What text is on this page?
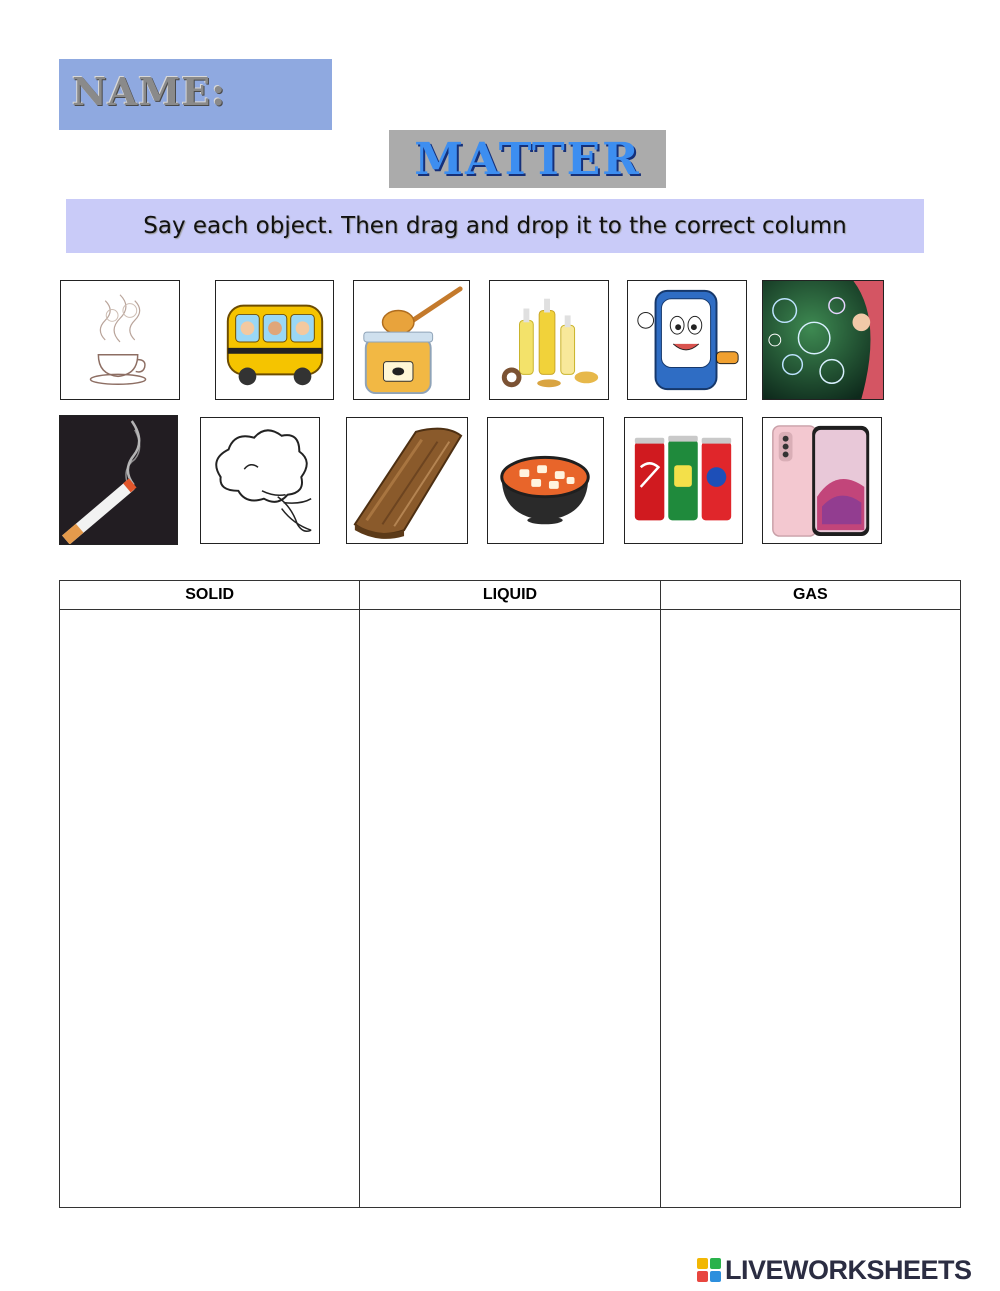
NAME:
MATTER
Say each object. Then drag and drop it to the correct column
SOLID	LIQUID	GAS

LIVEWORKSHEETS
